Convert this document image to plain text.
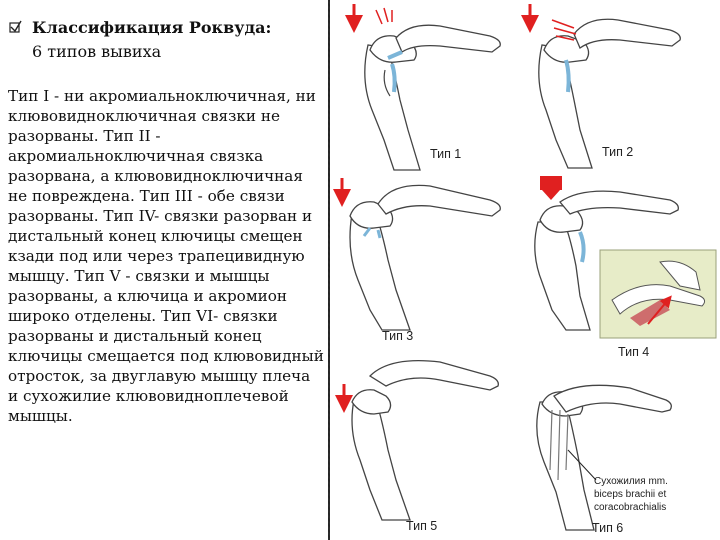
Классификация Роквуда:
6 типов вывиха
Тип I - ни акромиальноключичная, ни клювовидноключичная связки не разорваны. Тип II - акромиальноключичная связка разорвана, а клювовидноключичная не повреждена. Тип III - обе связи разорваны. Тип IV- связки разорван и дистальный конец ключицы смещен кзади под или через трапецивидную мышцу. Тип V - связки и мышцы разорваны, а ключица и акромион широко отделены. Тип VI- связки разорваны и дистальный конец ключицы смещается под клювовидный отросток, за двуглавую мышцу плеча и сухожилие клювовидноплечевой мышцы.
Тип 1	Тип 2
Тип 3
Тип 4
Тип 5
Сухожилия mm.
biceps brachii et
coracobrachialis
Тип 6
